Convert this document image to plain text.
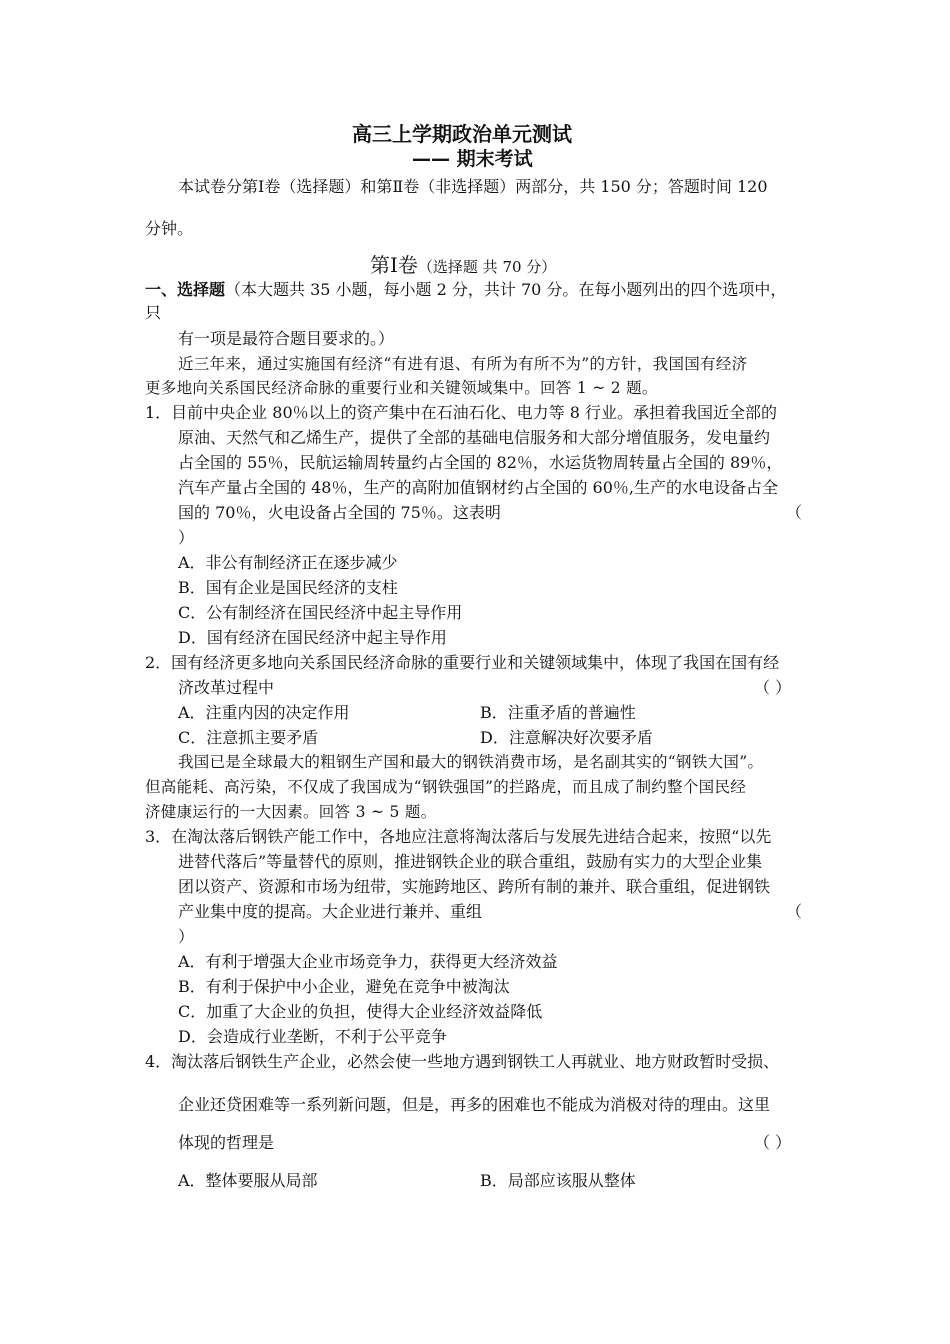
高三上学期政治单元测试
—— 期末考试
本试卷分第Ⅰ卷（选择题）和第Ⅱ卷（非选择题）两部分，共 150 分；答题时间 120
分钟。
第Ⅰ卷（选择题 共 70 分）
一、选择题（本大题共 35 小题，每小题 2 分，共计 70 分。在每小题列出的四个选项中，
只
有一项是最符合题目要求的。）
近三年来，通过实施国有经济“有进有退、有所为有所不为”的方针，我国国有经济
更多地向关系国民经济命脉的重要行业和关键领域集中。回答 1 ~ 2 题。
1．目前中央企业 80％以上的资产集中在石油石化、电力等 8 行业。承担着我国近全部的
原油、天然气和乙烯生产，提供了全部的基础电信服务和大部分增值服务，发电量约
占全国的 55％，民航运输周转量约占全国的 82％，水运货物周转量占全国的 89％，
汽车产量占全国的 48％，生产的高附加值钢材约占全国的 60％,生产的水电设备占全
国的 70％，火电设备占全国的 75％。这表明	（
）
A．非公有制经济正在逐步减少
B．国有企业是国民经济的支柱
C．公有制经济在国民经济中起主导作用
D．国有经济在国民经济中起主导作用
2．国有经济更多地向关系国民经济命脉的重要行业和关键领域集中，体现了我国在国有经
济改革过程中	（ ）
A．注重内因的决定作用	B．注重矛盾的普遍性
C．注意抓主要矛盾	D．注意解决好次要矛盾
我国已是全球最大的粗钢生产国和最大的钢铁消费市场，是名副其实的“钢铁大国”。
但高能耗、高污染，不仅成了我国成为“钢铁强国”的拦路虎，而且成了制约整个国民经
济健康运行的一大因素。回答 3 ~ 5 题。
3．在淘汰落后钢铁产能工作中，各地应注意将淘汰落后与发展先进结合起来，按照“以先
进替代落后”等量替代的原则，推进钢铁企业的联合重组，鼓励有实力的大型企业集
团以资产、资源和市场为纽带，实施跨地区、跨所有制的兼并、联合重组，促进钢铁
产业集中度的提高。大企业进行兼并、重组	（
）
A．有利于增强大企业市场竞争力，获得更大经济效益
B．有利于保护中小企业，避免在竞争中被淘汰
C．加重了大企业的负担，使得大企业经济效益降低
D．会造成行业垄断，不利于公平竞争
4．淘汰落后钢铁生产企业，必然会使一些地方遇到钢铁工人再就业、地方财政暂时受损、
企业还贷困难等一系列新问题，但是，再多的困难也不能成为消极对待的理由。这里
体现的哲理是	（ ）
A．整体要服从局部	B．局部应该服从整体
